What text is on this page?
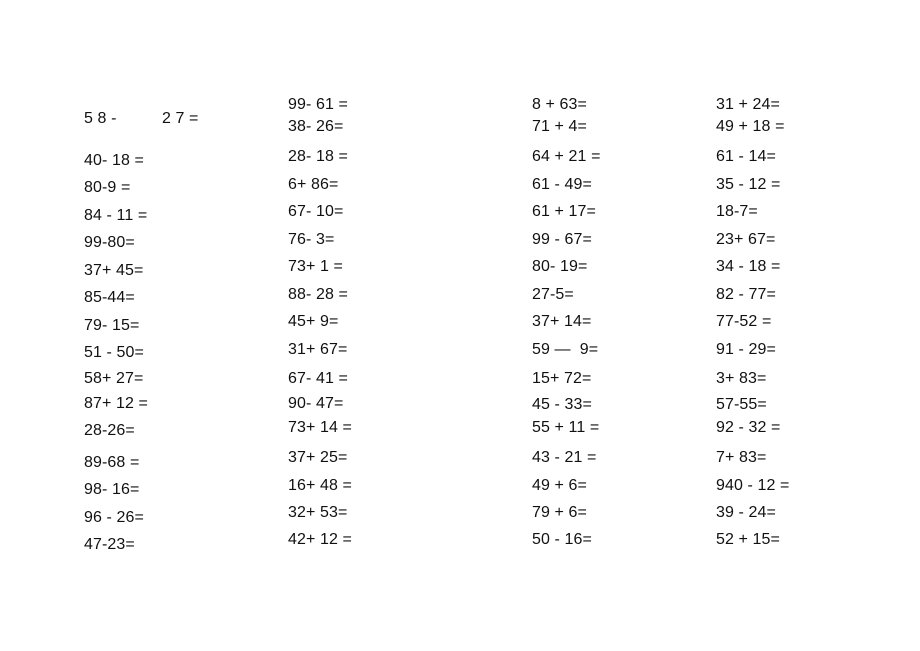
5 8 -          2 7 =
40- 18 =
80-9 =
84 - 11 =
99-80=
37+ 45=
85-44=
79- 15=
51 - 50=
58+ 27=
87+ 12 =
28-26=
89-68 =
98- 16=
96 - 26=
47-23=
99- 61 =
38- 26=
28- 18 =
6+ 86=
67- 10=
76- 3=
73+ 1 =
88- 28 =
45+ 9=
31+ 67=
67- 41 =
90- 47=
73+ 14 =
37+ 25=
16+ 48 =
32+ 53=
42+ 12 =
8 + 63=
71 + 4=
64 + 21 =
61 - 49=
61 + 17=
99 - 67=
80- 19=
27-5=
37+ 14=
59 —  9=
15+ 72=
45 - 33=
55 + 11 =
43 - 21 =
49 + 6=
79 + 6=
50 - 16=
31 + 24=
49 + 18 =
61 - 14=
35 - 12 =
18-7=
23+ 67=
34 - 18 =
82 - 77=
77-52 =
91 - 29=
3+ 83=
57-55=
92 - 32 =
7+ 83=
940 - 12 =
39 - 24=
52 + 15=
